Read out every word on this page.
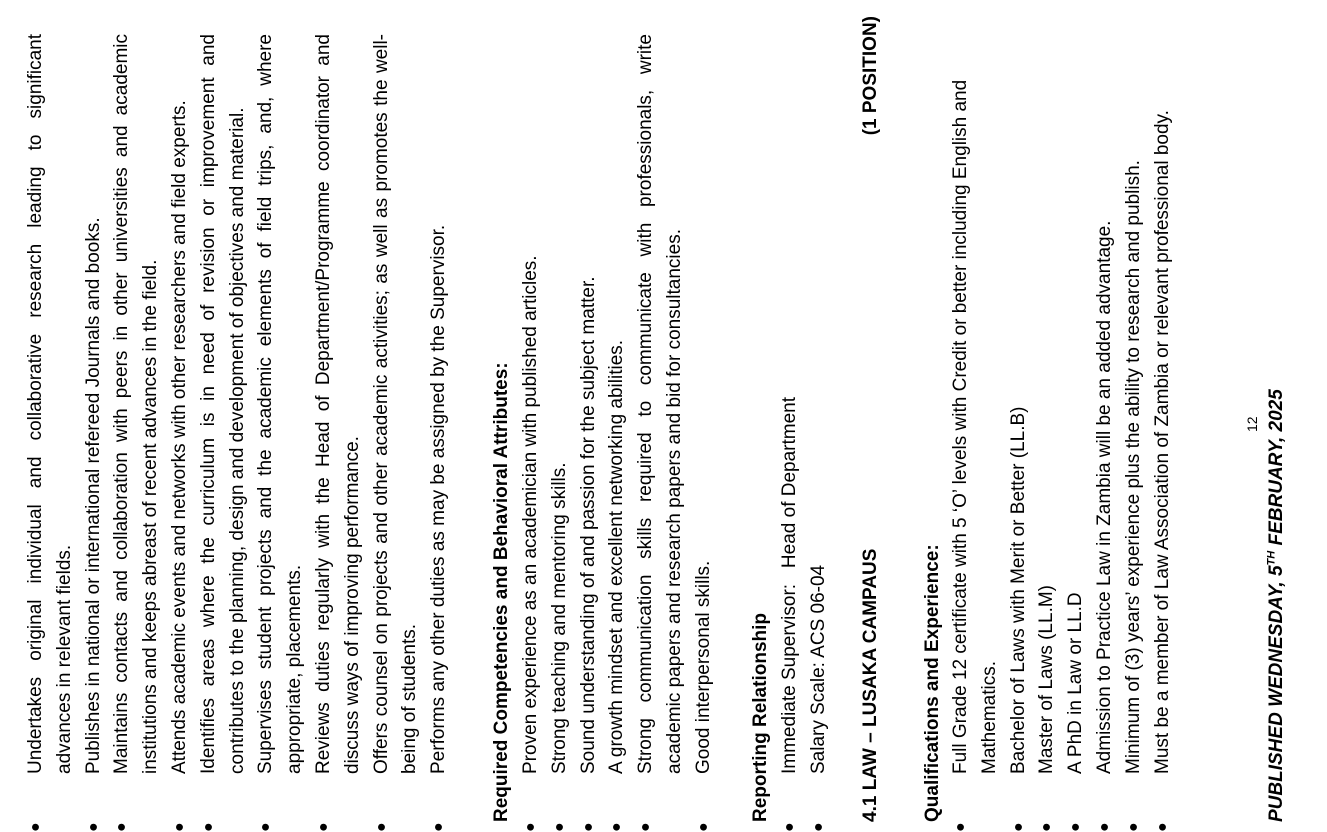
●
Undertakes original individual and collaborative research leading to significant advances in relevant fields.
●
Publishes in national or international refereed Journals and books.
●
Maintains contacts and collaboration with peers in other universities and academic institutions and keeps abreast of recent advances in the field.
●
Attends academic events and networks with other researchers and field experts.
●
Identifies areas where the curriculum is in need of revision or improvement and contributes to the planning, design and development of objectives and material.
●
Supervises student projects and the academic elements of field trips, and, where appropriate, placements.
●
Reviews duties regularly with the Head of Department/Programme coordinator and discuss ways of improving performance.
●
Offers counsel on projects and other academic activities; as well as promotes the well-being of students.
●
Performs any other duties as may be assigned by the Supervisor. Required Competencies and Behavioral Attributes:
●
Proven experience as an academician with published articles.
●
Strong teaching and mentoring skills.
●
Sound understanding of and passion for the subject matter.
●
A growth mindset and excellent networking abilities.
●
Strong communication skills required to communicate with professionals, write academic papers and research papers and bid for consultancies.
●
Good interpersonal skills. Reporting Relationship
●
Immediate Supervisor:   Head of Department
●
Salary Scale: ACS 06-04 4.1 LAW – LUSAKA CAMPAUS
(1 POSITION)
Qualifications and Experience:
●
Full Grade 12 certificate with 5 ‘O’ levels with Credit or better including English and Mathematics.
●
Bachelor of Laws with Merit or Better (LL.B)
●
Master of Laws (LL.M)
●
A PhD in Law or LL.D
●
Admission to Practice Law in Zambia will be an added advantage.
●
Minimum of (3) years’ experience plus the ability to research and publish.
●
Must be a member of Law Association of Zambia or relevant professional body.	12
PUBLISHED WEDNESDAY, 5TH FEBRUARY, 2025
